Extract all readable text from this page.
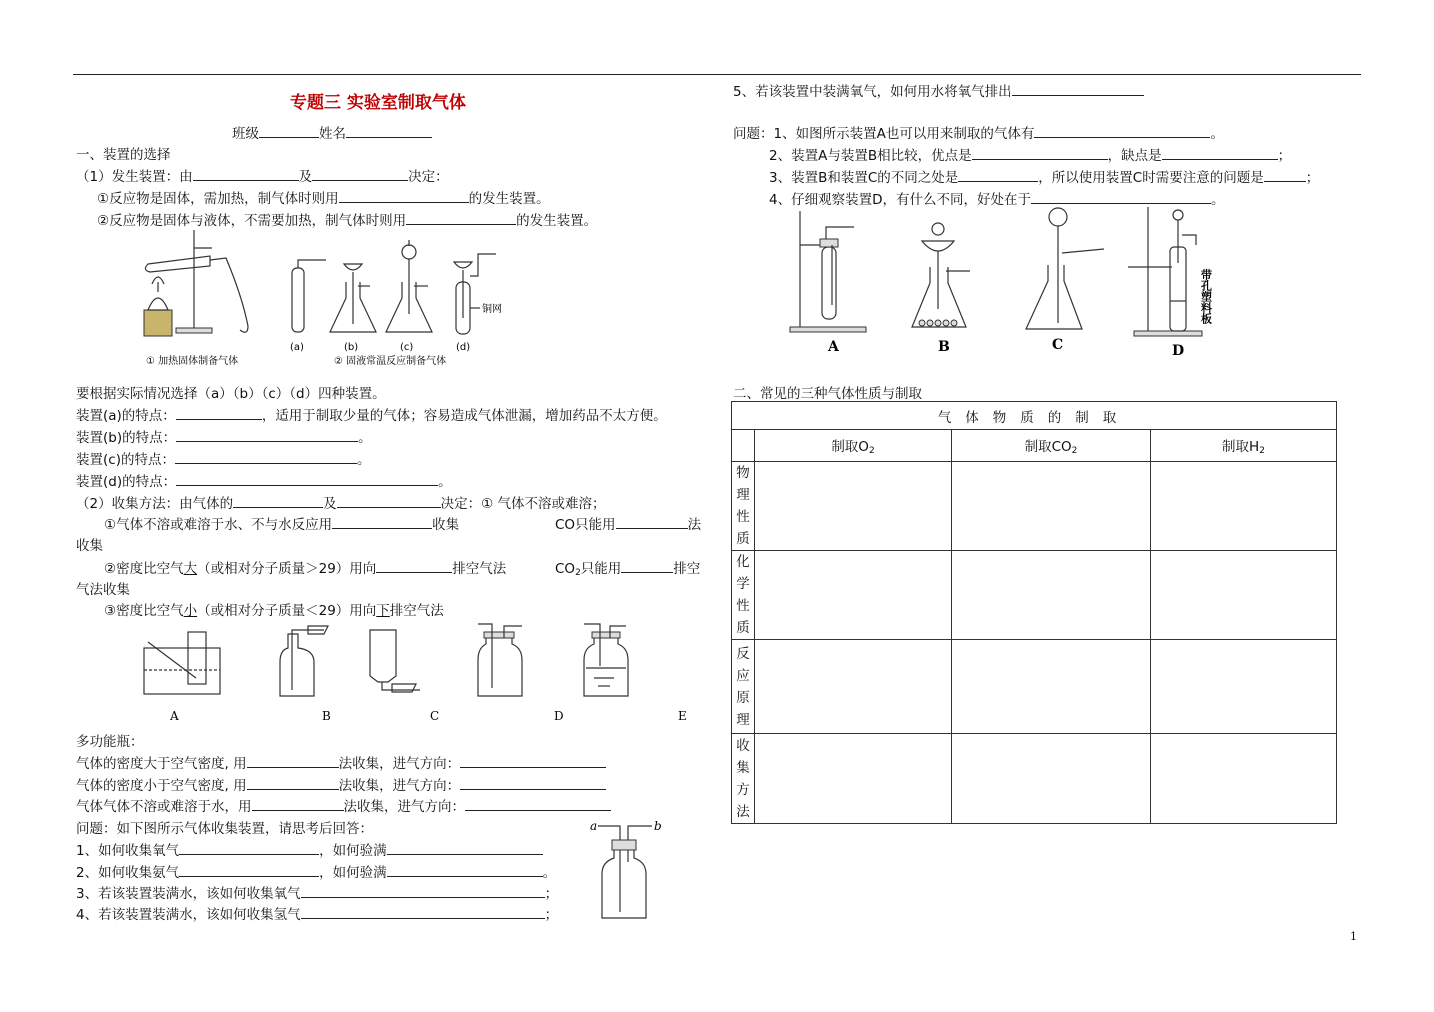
专题三 实验室制取气体
班级	姓名
一、装置的选择
（1）发生装置：由	及	决定：
①反应物是固体，需加热，制气体时则用	的发生装置。
②反应物是固体与液体，不需要加热，制气体时则用	的发生装置。
铜网
① 加热固体制备气体
(a)	(b)	(c)	(d)
② 固液常温反应制备气体
要根据实际情况选择（a）（b）（c）（d）四种装置。
装置(a)的特点：	，适用于制取少量的气体；容易造成气体泄漏，增加药品不太方便。
装置(b)的特点：	。
装置(c)的特点：	。
装置(d)的特点：	。
（2）收集方法：由气体的	及	决定：① 气体不溶或难溶；
①气体不溶或难溶于水、不与水反应用	收集	CO只能用	法
收集
②密度比空气大（或相对分子质量＞29）用向	排空气法	$CO_2$只能用	排空
气法收集
③密度比空气小（或相对分子质量＜29）用向下排空气法
A	B	C	D	E
多功能瓶：
气体的密度大于空气密度, 用	法收集，进气方向：
气体的密度小于空气密度, 用	法收集，进气方向：
气体气体不溶或难溶于水，用	法收集，进气方向：
问题：如下图所示气体收集装置，请思考后回答：
1、如何收集氧气	，如何验满
2、如何收集氨气	，如何验满	。
3、若该装置装满水，该如何收集氧气	；
4、若该装置装满水，该如何收集氢气	；
a	b
5、若该装置中装满氧气，如何用水将氧气排出
问题：1、如图所示装置A也可以用来制取的气体有	。
2、装置A与装置B相比较，优点是	，缺点是	；
3、装置B和装置C的不同之处是	，所以使用装置C时需要注意的问题是	；
4、仔细观察装置D，有什么不同，好处在于	。
带孔塑料板
A	B	C	D
二、常见的三种气体性质与制取
气体物质的制取			
	制取$O_2$	制取$CO_2$	制取$H_2$
物理性质			
化学性质			
反应原理			
收集方法			
1
